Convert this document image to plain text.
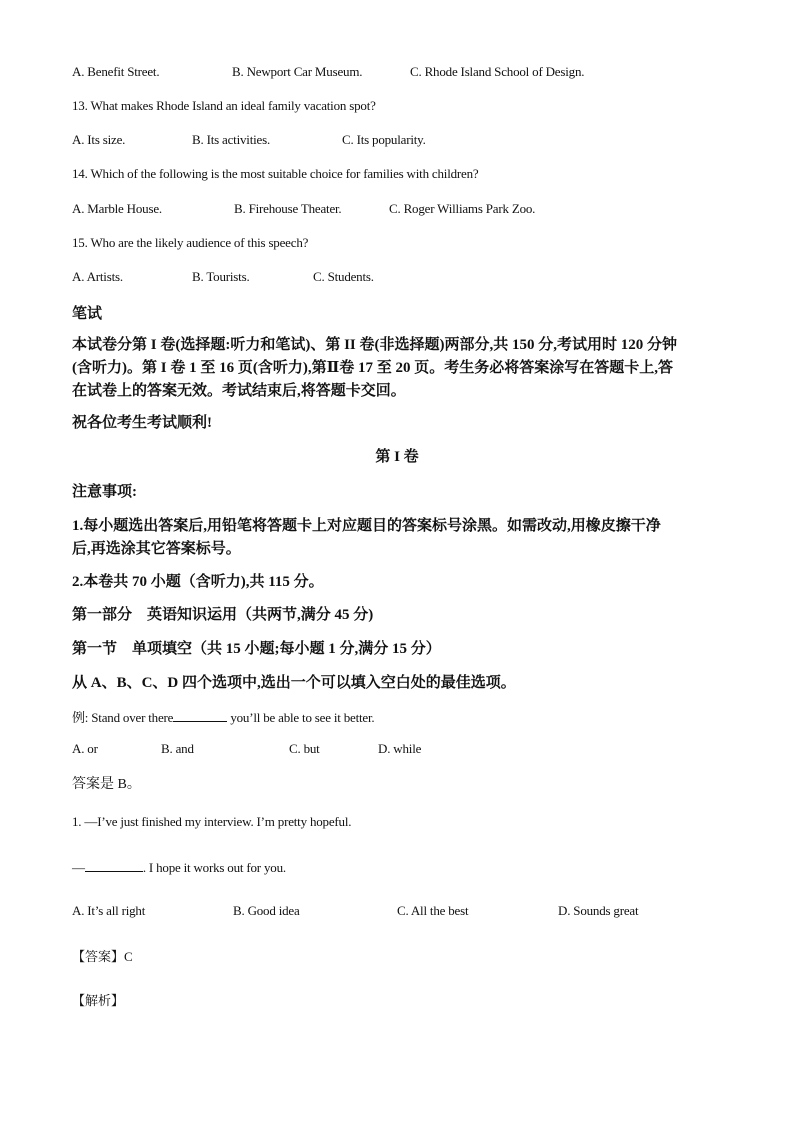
A. Benefit Street.	B. Newport Car Museum.	C. Rhode Island School of Design.
13. What makes Rhode Island an ideal family vacation spot?
A. Its size.	B. Its activities.	C. Its popularity.
14. Which of the following is the most suitable choice for families with children?
A. Marble House.	B. Firehouse Theater.	C. Roger Williams Park Zoo.
15. Who are the likely audience of this speech?
A. Artists.	B. Tourists.	C. Students.
笔试
本试卷分第 I 卷(选择题:听力和笔试)、第 II 卷(非选择题)两部分,共 150 分,考试用时 120 分钟
(含听力)。第 I 卷 1 至 16 页(含听力),第Ⅱ卷 17 至 20 页。考生务必将答案涂写在答题卡上,答
在试卷上的答案无效。考试结束后,将答题卡交回。
祝各位考生考试顺利!
第 I 卷
注意事项:
1.每小题选出答案后,用铅笔将答题卡上对应题目的答案标号涂黑。如需改动,用橡皮擦干净
后,再选涂其它答案标号。
2.本卷共 70 小题（含听力),共 115 分。
第一部分　英语知识运用（共两节,满分 45 分)
第一节　单项填空（共 15 小题;每小题 1 分,满分 15 分）
从 A、B、C、D 四个选项中,选出一个可以填入空白处的最佳选项。
例: Stand over there	you’ll be able to see it better.
A. or	B. and	C. but	D. while
答案是 B。
1. —I’ve just finished my interview. I’m pretty hopeful.
—	. I hope it works out for you.
A. It’s all right	B. Good idea	C. All the best	D. Sounds great
【答案】C
【解析】
